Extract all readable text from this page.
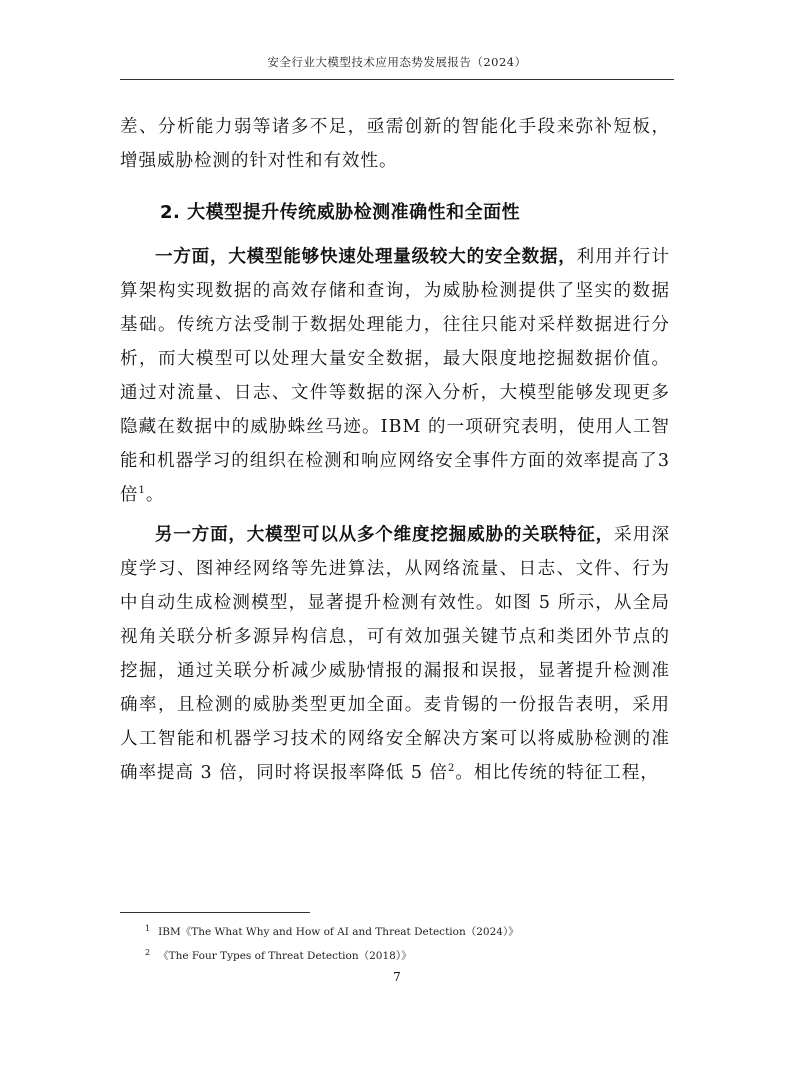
安全行业大模型技术应用态势发展报告（2024）

差、分析能力弱等诸多不足，亟需创新的智能化手段来弥补短板，增强威胁检测的针对性和有效性。

2. 大模型提升传统威胁检测准确性和全面性

一方面，大模型能够快速处理量级较大的安全数据，利用并行计算架构实现数据的高效存储和查询，为威胁检测提供了坚实的数据基础。传统方法受制于数据处理能力，往往只能对采样数据进行分析，而大模型可以处理大量安全数据，最大限度地挖掘数据价值。通过对流量、日志、文件等数据的深入分析，大模型能够发现更多隐藏在数据中的威胁蛛丝马迹。IBM 的一项研究表明，使用人工智能和机器学习的组织在检测和响应网络安全事件方面的效率提高了3 倍$^1$。

另一方面，大模型可以从多个维度挖掘威胁的关联特征，采用深度学习、图神经网络等先进算法，从网络流量、日志、文件、行为中自动生成检测模型，显著提升检测有效性。如图 5 所示，从全局视角关联分析多源异构信息，可有效加强关键节点和类团外节点的挖掘，通过关联分析减少威胁情报的漏报和误报，显著提升检测准确率，且检测的威胁类型更加全面。麦肯锡的一份报告表明，采用人工智能和机器学习技术的网络安全解决方案可以将威胁检测的准确率提高 3 倍，同时将误报率降低 5 倍$^2$。相比传统的特征工程，

$^1$ IBM《The What Why and How of AI and Threat Detection（2024）》
$^2$ 《The Four Types of Threat Detection（2018）》
7
